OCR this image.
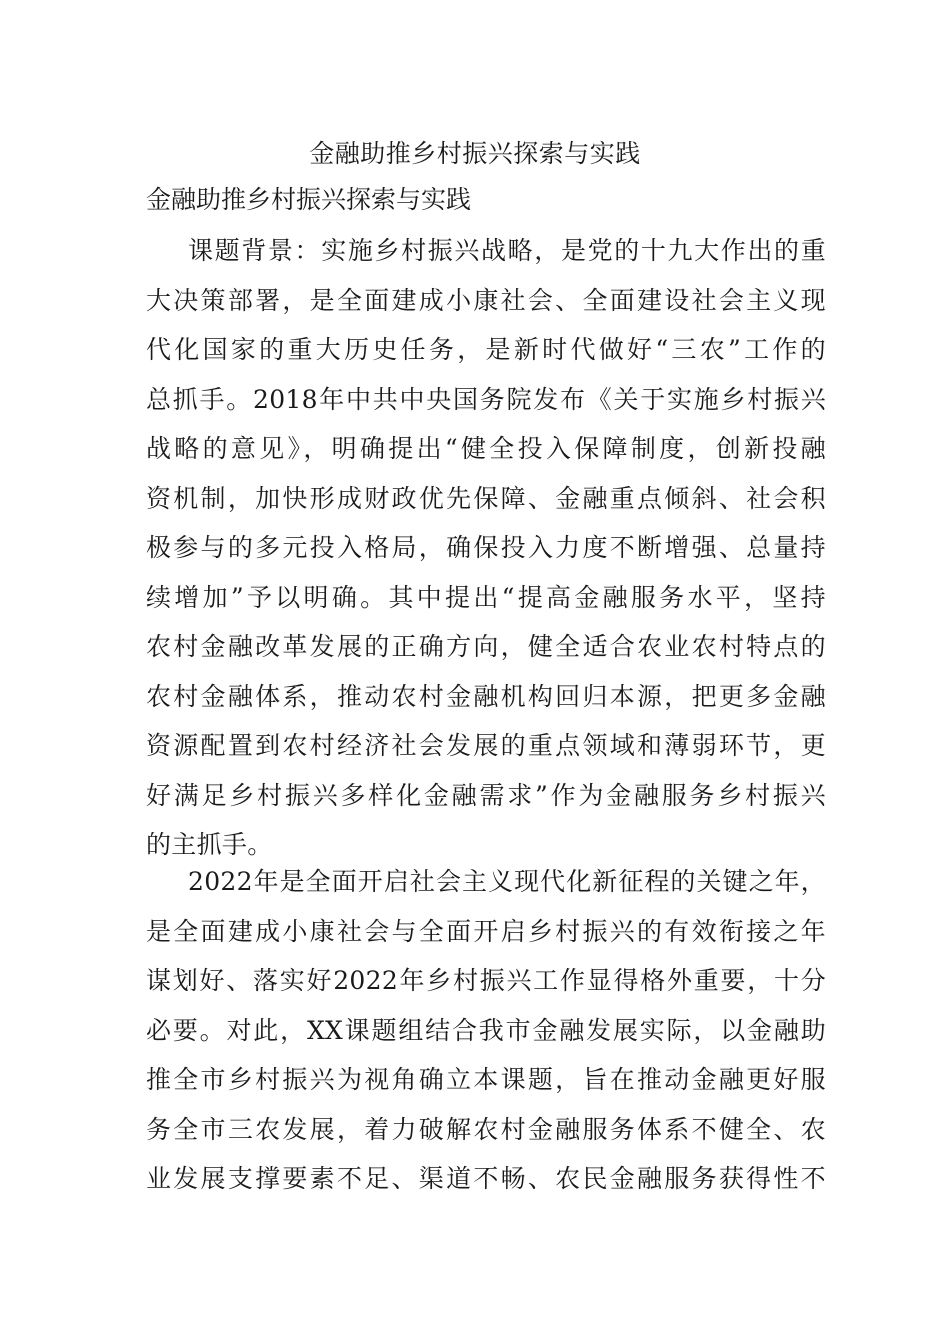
金融助推乡村振兴探索与实践
金融助推乡村振兴探索与实践
课题背景：实施乡村振兴战略，是党的十九大作出的重
大决策部署，是全面建成小康社会、全面建设社会主义现
代化国家的重大历史任务，是新时代做好“三农”工作的
总抓手。2018年中共中央国务院发布《关于实施乡村振兴
战略的意见》，明确提出“健全投入保障制度，创新投融
资机制，加快形成财政优先保障、金融重点倾斜、社会积
极参与的多元投入格局，确保投入力度不断增强、总量持
续增加”予以明确。其中提出“提高金融服务水平，坚持
农村金融改革发展的正确方向，健全适合农业农村特点的
农村金融体系，推动农村金融机构回归本源，把更多金融
资源配置到农村经济社会发展的重点领域和薄弱环节，更
好满足乡村振兴多样化金融需求”作为金融服务乡村振兴
的主抓手。
2022年是全面开启社会主义现代化新征程的关键之年，
是全面建成小康社会与全面开启乡村振兴的有效衔接之年
谋划好、落实好2022年乡村振兴工作显得格外重要，十分
必要。对此，XX课题组结合我市金融发展实际，以金融助
推全市乡村振兴为视角确立本课题，旨在推动金融更好服
务全市三农发展，着力破解农村金融服务体系不健全、农
业发展支撑要素不足、渠道不畅、农民金融服务获得性不
